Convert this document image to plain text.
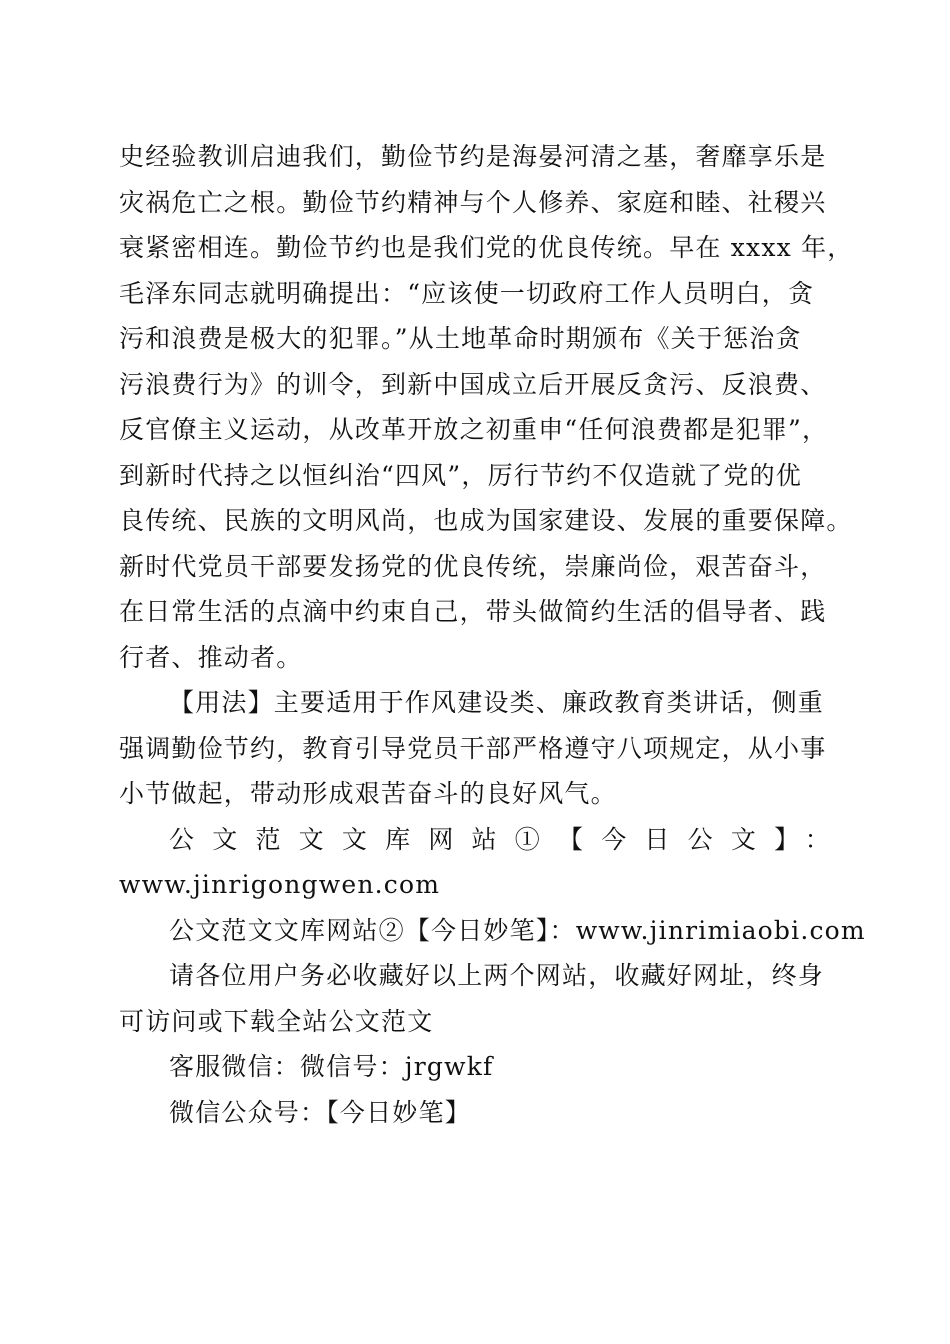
史经验教训启迪我们，勤俭节约是海晏河清之基，奢靡享乐是
灾祸危亡之根。勤俭节约精神与个人修养、家庭和睦、社稷兴
衰紧密相连。勤俭节约也是我们党的优良传统。早在 xxxx 年，
毛泽东同志就明确提出：“应该使一切政府工作人员明白，贪
污和浪费是极大的犯罪。”从土地革命时期颁布《关于惩治贪
污浪费行为》的训令，到新中国成立后开展反贪污、反浪费、
反官僚主义运动，从改革开放之初重申“任何浪费都是犯罪”，
到新时代持之以恒纠治“四风”，厉行节约不仅造就了党的优
良传统、民族的文明风尚，也成为国家建设、发展的重要保障。
新时代党员干部要发扬党的优良传统，崇廉尚俭，艰苦奋斗，
在日常生活的点滴中约束自己，带头做简约生活的倡导者、践
行者、推动者。
【用法】主要适用于作风建设类、廉政教育类讲话，侧重
强调勤俭节约，教育引导党员干部严格遵守八项规定，从小事
小节做起，带动形成艰苦奋斗的良好风气。
公文范文文库网站①【今日公文】：
www.jinrigongwen.com
公文范文文库网站②【今日妙笔】：www.jinrimiaobi.com
请各位用户务必收藏好以上两个网站，收藏好网址，终身
可访问或下载全站公文范文
客服微信：微信号：jrgwkf
微信公众号：【今日妙笔】
